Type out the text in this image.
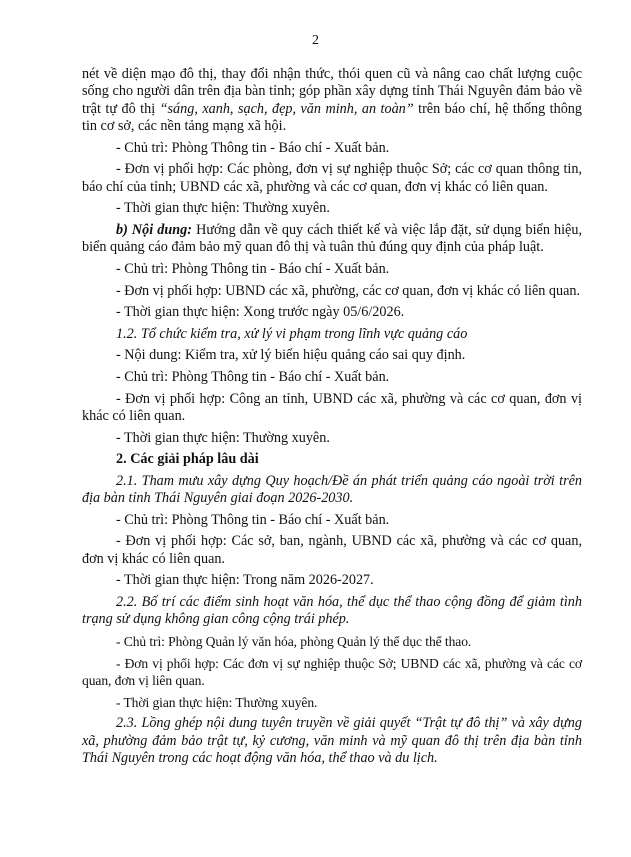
2

nét về diện mạo đô thị, thay đổi nhận thức, thói quen cũ và nâng cao chất lượng cuộc sống cho người dân trên địa bàn tỉnh; góp phần xây dựng tỉnh Thái Nguyên đảm bảo về trật tự đô thị “sáng, xanh, sạch, đẹp, văn minh, an toàn” trên báo chí, hệ thống thông tin cơ sở, các nền tảng mạng xã hội.

- Chủ trì: Phòng Thông tin - Báo chí - Xuất bản.

- Đơn vị phối hợp: Các phòng, đơn vị sự nghiệp thuộc Sở; các cơ quan thông tin, báo chí của tỉnh; UBND các xã, phường và các cơ quan, đơn vị khác có liên quan.

- Thời gian thực hiện: Thường xuyên.

b) Nội dung: Hướng dẫn về quy cách thiết kế và việc lắp đặt, sử dụng biển hiệu, biển quảng cáo đảm bảo mỹ quan đô thị và tuân thủ đúng quy định của pháp luật.

- Chủ trì: Phòng Thông tin - Báo chí - Xuất bản.

- Đơn vị phối hợp: UBND các xã, phường, các cơ quan, đơn vị khác có liên quan.

- Thời gian thực hiện: Xong trước ngày 05/6/2026.

1.2. Tổ chức kiểm tra, xử lý vi phạm trong lĩnh vực quảng cáo

- Nội dung: Kiểm tra, xử lý biển hiệu quảng cáo sai quy định.

- Chủ trì: Phòng Thông tin - Báo chí - Xuất bản.

- Đơn vị phối hợp: Công an tỉnh, UBND các xã, phường và các cơ quan, đơn vị khác có liên quan.

- Thời gian thực hiện: Thường xuyên.

2. Các giải pháp lâu dài

2.1. Tham mưu xây dựng Quy hoạch/Đề án phát triển quảng cáo ngoài trời trên địa bàn tỉnh Thái Nguyên giai đoạn 2026-2030.

- Chủ trì: Phòng Thông tin - Báo chí - Xuất bản.

- Đơn vị phối hợp: Các sở, ban, ngành, UBND các xã, phường và các cơ quan, đơn vị khác có liên quan.

- Thời gian thực hiện: Trong năm 2026-2027.

2.2. Bố trí các điểm sinh hoạt văn hóa, thể dục thể thao cộng đồng để giảm tình trạng sử dụng không gian công cộng trái phép.

- Chủ trì: Phòng Quản lý văn hóa, phòng Quản lý thể dục thể thao.

- Đơn vị phối hợp: Các đơn vị sự nghiệp thuộc Sở; UBND các xã, phường và các cơ quan, đơn vị liên quan.

- Thời gian thực hiện: Thường xuyên.

2.3. Lồng ghép nội dung tuyên truyền về giải quyết “Trật tự đô thị” và xây dựng xã, phường đảm bảo trật tự, kỷ cương, văn minh và mỹ quan đô thị trên địa bàn tỉnh Thái Nguyên trong các hoạt động văn hóa, thể thao và du lịch.
